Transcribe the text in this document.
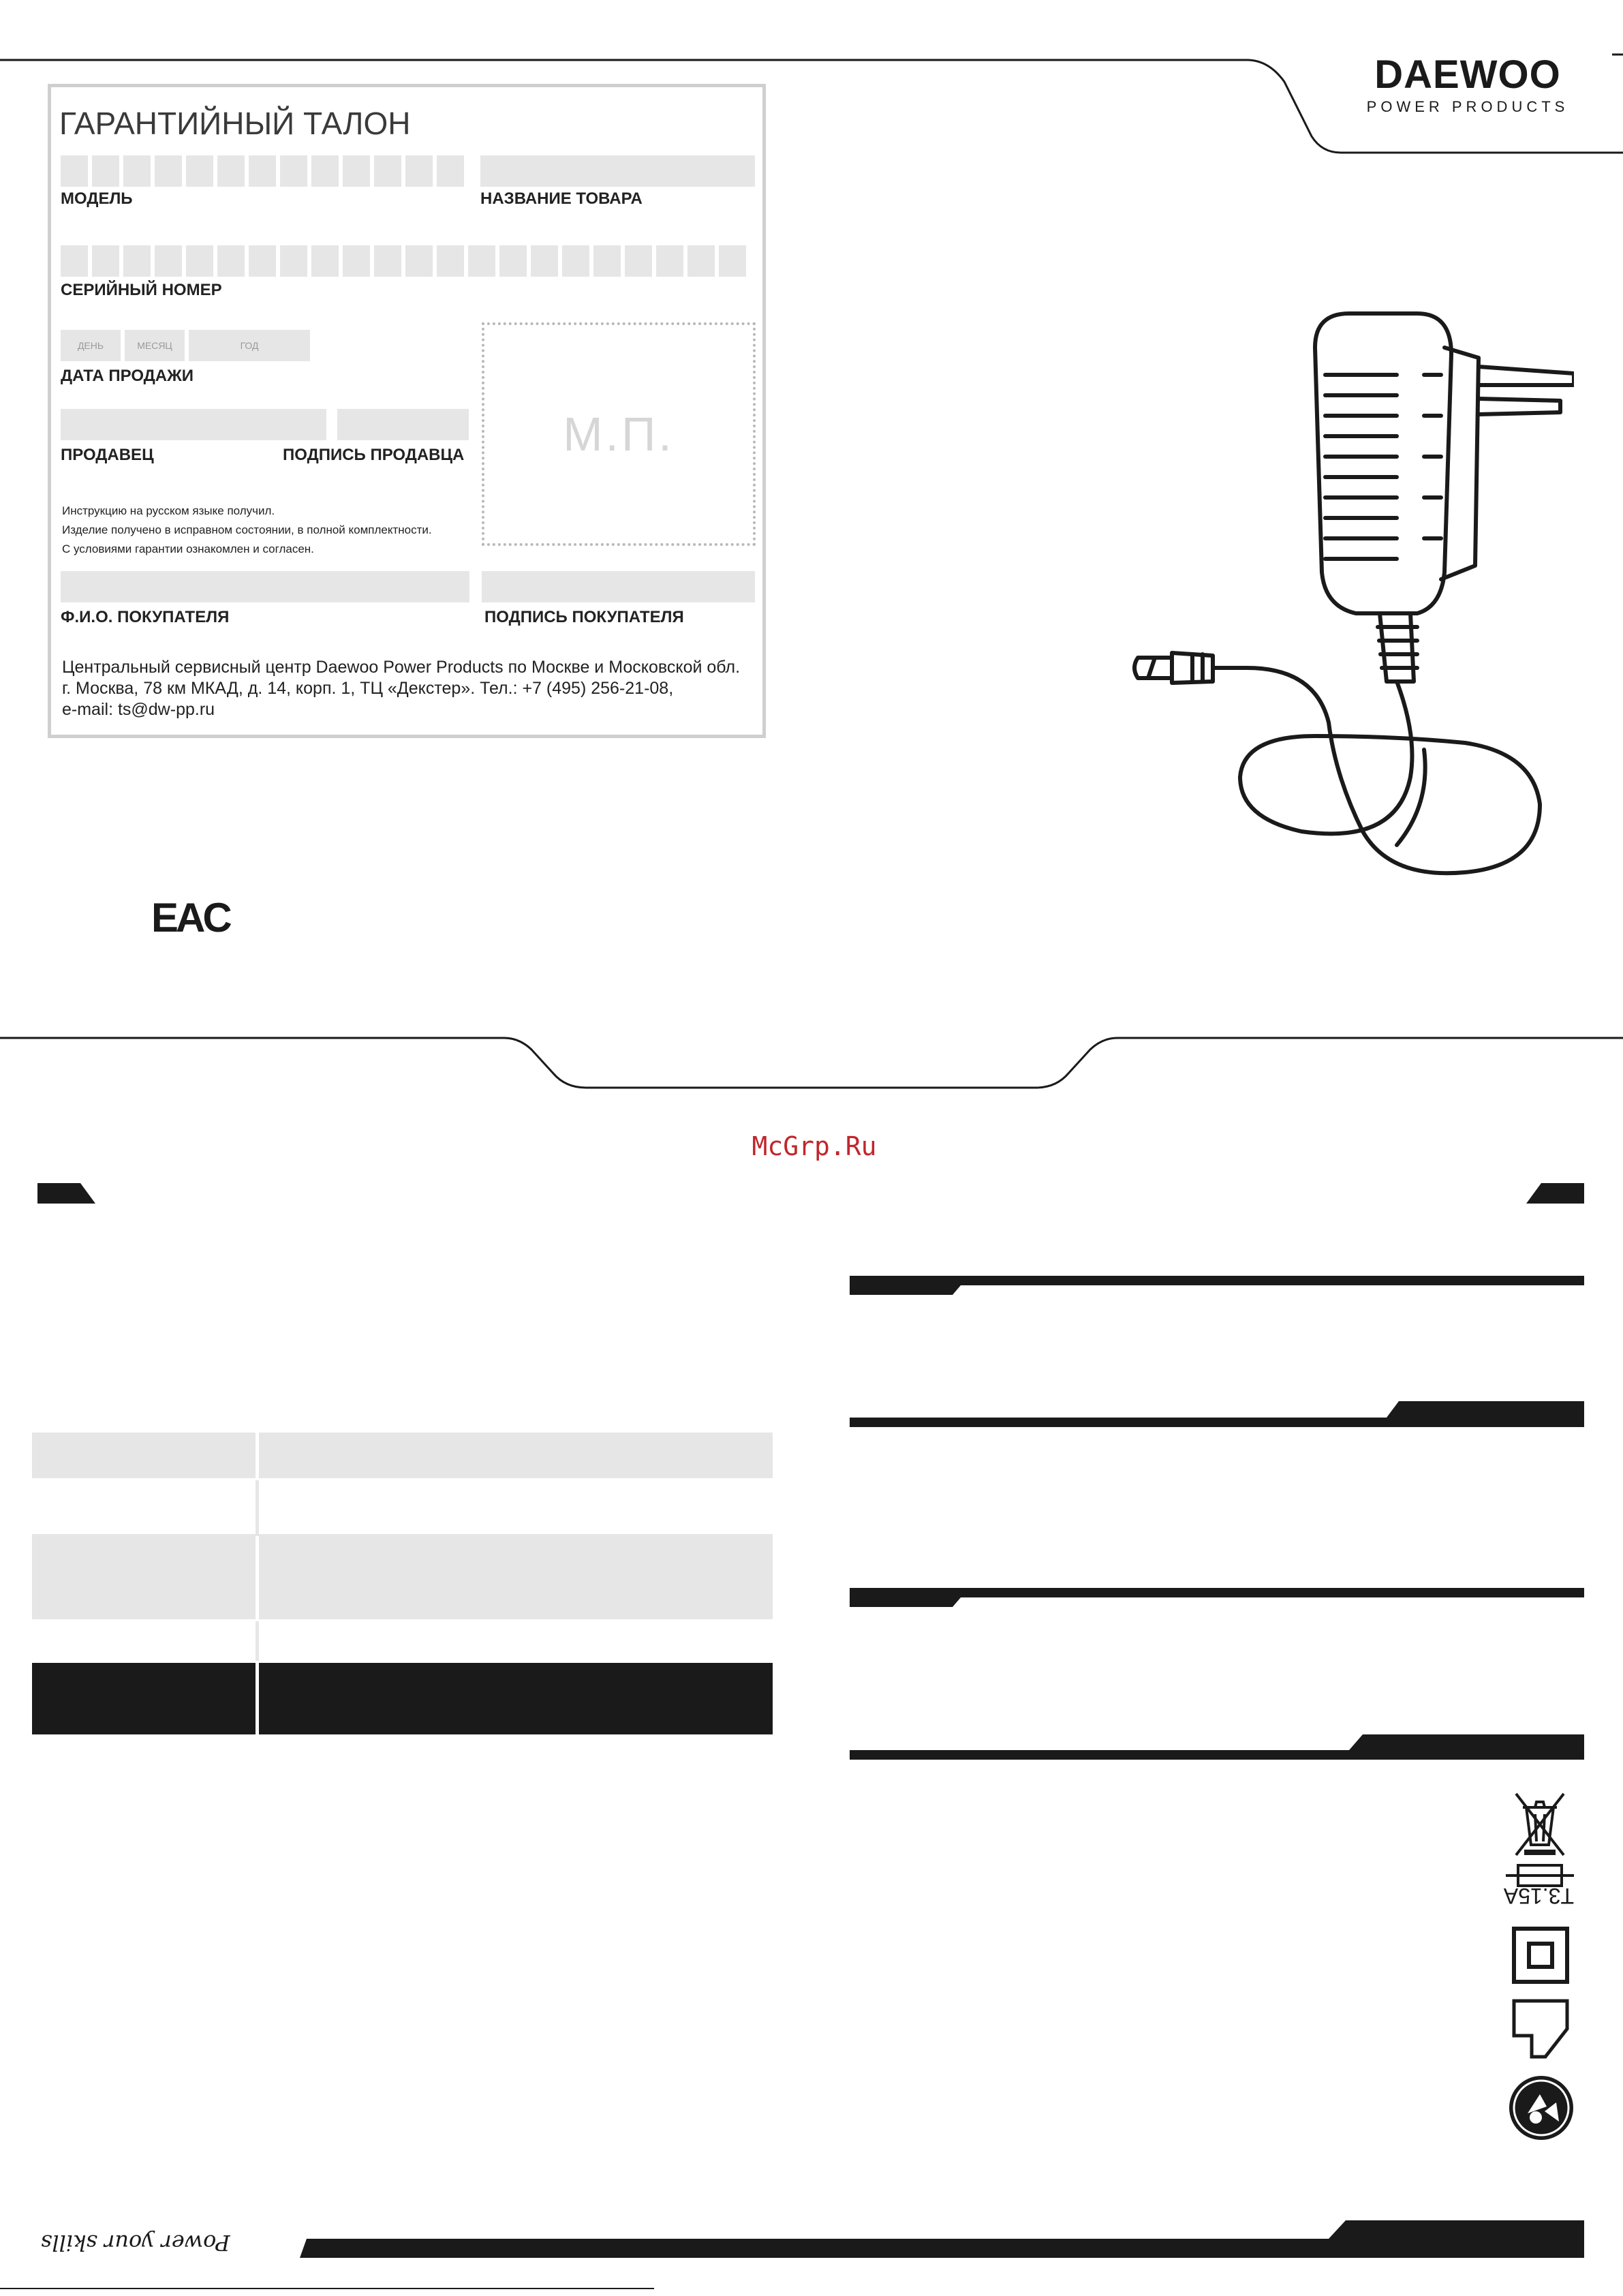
DAEWOO
POWER PRODUCTS
ГАРАНТИЙНЫЙ ТАЛОН
МОДЕЛЬ	НАЗВАНИЕ ТОВАРА
СЕРИЙНЫЙ НОМЕР
ДЕНЬ	МЕСЯЦ	ГОД
ДАТА ПРОДАЖИ
ПРОДАВЕЦ	ПОДПИСЬ ПРОДАВЦА М.П.
Инструкцию на русском языке получил.
Изделие получено в исправном состоянии, в полной комплектности.
С условиями гарантии ознакомлен и согласен.
Ф.И.О. ПОКУПАТЕЛЯ	ПОДПИСЬ ПОКУПАТЕЛЯ
Центральный сервисный центр Daewoo Power Products по Москве и Московской обл.
г. Москва, 78 км МКАД, д. 14, корп. 1, ТЦ «Декстер». Тел.: +7 (495) 256-21-08,
e-mail: ts@dw-pp.ru
EAC
McGrp.Ru
T3.15A
Power your skills
